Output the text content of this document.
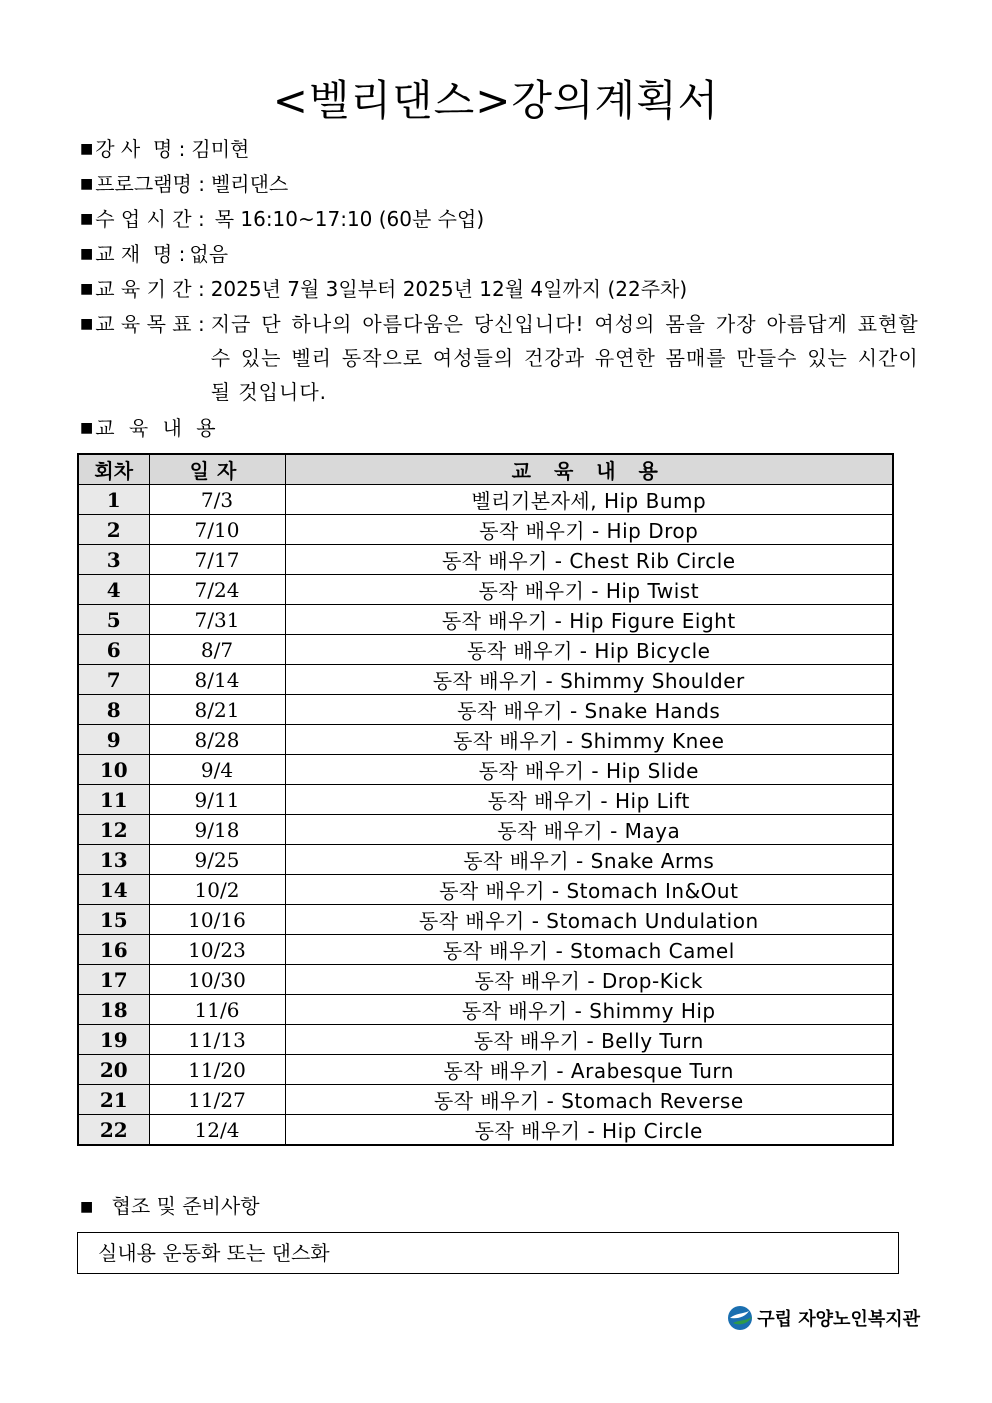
<벨리댄스>강의계획서
■ 강 사  명 : 김미현
■ 프로그램명 : 벨리댄스
■ 수 업 시 간 : 목 16:10~17:10 (60분 수업)
■ 교 재  명 : 없음
■ 교 육 기 간 : 2025년 7월 3일부터 2025년 12월 4일까지 (22주차)
■ 교 육 목 표 : 지금 단 하나의 아름다움은 당신입니다! 여성의 몸을 가장 아름답게 표현할 수 있는 벨리 동작으로 여성들의 건강과 유연한 몸매를 만들수 있는 시간이 될 것입니다.
■ 교 육 내 용
회차	일자	교 육 내 용
1	7/3	벨리기본자세, Hip Bump
2	7/10	동작 배우기 - Hip Drop
3	7/17	동작 배우기 - Chest Rib Circle
4	7/24	동작 배우기 - Hip Twist
5	7/31	동작 배우기 - Hip Figure Eight
6	8/7	동작 배우기 - Hip Bicycle
7	8/14	동작 배우기 - Shimmy Shoulder
8	8/21	동작 배우기 - Snake Hands
9	8/28	동작 배우기 - Shimmy Knee
10	9/4	동작 배우기 - Hip Slide
11	9/11	동작 배우기 - Hip Lift
12	9/18	동작 배우기 - Maya
13	9/25	동작 배우기 - Snake Arms
14	10/2	동작 배우기 - Stomach In&Out
15	10/16	동작 배우기 - Stomach Undulation
16	10/23	동작 배우기 - Stomach Camel
17	10/30	동작 배우기 - Drop-Kick
18	11/6	동작 배우기 - Shimmy Hip
19	11/13	동작 배우기 - Belly Turn
20	11/20	동작 배우기 - Arabesque Turn
21	11/27	동작 배우기 - Stomach Reverse
22	12/4	동작 배우기 - Hip Circle
■ 협조 및 준비사항
실내용 운동화 또는 댄스화
구립 자양노인복지관
